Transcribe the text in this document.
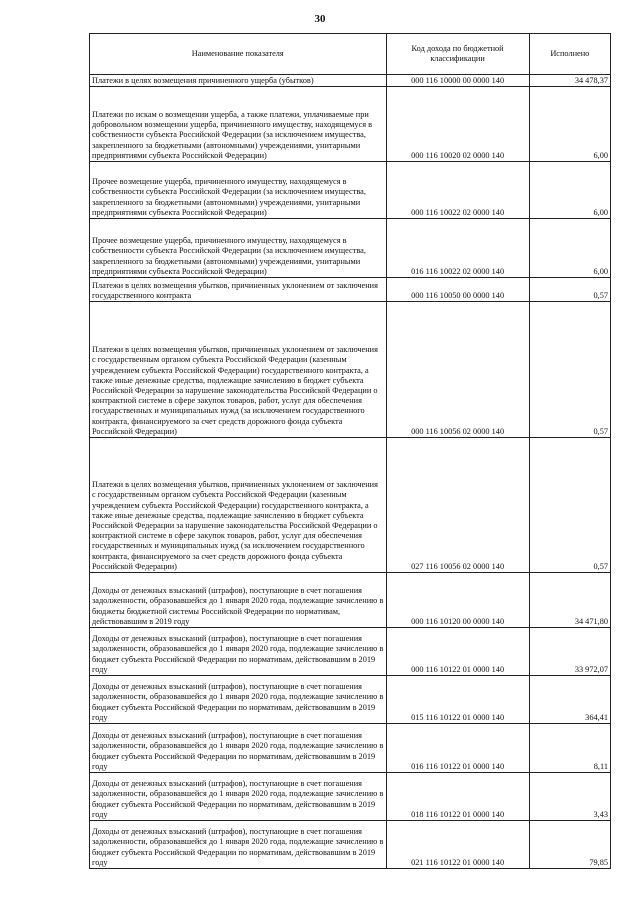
30
Наименование показателя	Код дохода по бюджетной классификации	Исполнено
Платежи в целях возмещения причиненного ущерба (убытков)	000 116 10000 00 0000 140	34 478,37
Платежи по искам о возмещении ущерба, а также платежи, уплачиваемые при добровольном возмещении ущерба, причиненного имуществу, находящемуся в собственности субъекта Российской Федерации (за исключением имущества, закрепленного за бюджетными (автономными) учреждениями, унитарными предприятиями субъекта Российской Федерации)	000 116 10020 02 0000 140	6,00
Прочее возмещение ущерба, причиненного имуществу, находящемуся в собственности субъекта Российской Федерации (за исключением имущества, закрепленного за бюджетными (автономными) учреждениями, унитарными предприятиями субъекта Российской Федерации)	000 116 10022 02 0000 140	6,00
Прочее возмещение ущерба, причиненного имуществу, находящемуся в собственности субъекта Российской Федерации (за исключением имущества, закрепленного за бюджетными (автономными) учреждениями, унитарными предприятиями субъекта Российской Федерации)	016 116 10022 02 0000 140	6,00
Платежи в целях возмещения убытков, причиненных уклонением от заключения государственного контракта	000 116 10050 00 0000 140	0,57
Платежи в целях возмещения убытков, причиненных уклонением от заключения с государственным органом субъекта Российской Федерации (казенным учреждением субъекта Российской Федерации) государственного контракта, а также иные денежные средства, подлежащие зачислению в бюджет субъекта Российской Федерации за нарушение законодательства Российской Федерации о контрактной системе в сфере закупок товаров, работ, услуг для обеспечения государственных и муниципальных нужд (за исключением государственного контракта, финансируемого за счет средств дорожного фонда субъекта Российской Федерации)	000 116 10056 02 0000 140	0,57
Платежи в целях возмещения убытков, причиненных уклонением от заключения с государственным органом субъекта Российской Федерации (казенным учреждением субъекта Российской Федерации) государственного контракта, а также иные денежные средства, подлежащие зачислению в бюджет субъекта Российской Федерации за нарушение законодательства Российской Федерации о контрактной системе в сфере закупок товаров, работ, услуг для обеспечения государственных и муниципальных нужд (за исключением государственного контракта, финансируемого за счет средств дорожного фонда субъекта Российской Федерации)	027 116 10056 02 0000 140	0,57
Доходы от денежных взысканий (штрафов), поступающие в счет погашения задолженности, образовавшейся до 1 января 2020 года, подлежащие зачислению в бюджеты бюджетной системы Российской Федерации по нормативам, действовавшим в 2019 году	000 116 10120 00 0000 140	34 471,80
Доходы от денежных взысканий (штрафов), поступающие в счет погашения задолженности, образовавшейся до 1 января 2020 года, подлежащие зачислению в бюджет субъекта Российской Федерации по нормативам, действовавшим в 2019 году	000 116 10122 01 0000 140	33 972,07
Доходы от денежных взысканий (штрафов), поступающие в счет погашения задолженности, образовавшейся до 1 января 2020 года, подлежащие зачислению в бюджет субъекта Российской Федерации по нормативам, действовавшим в 2019 году	015 116 10122 01 0000 140	364,41
Доходы от денежных взысканий (штрафов), поступающие в счет погашения задолженности, образовавшейся до 1 января 2020 года, подлежащие зачислению в бюджет субъекта Российской Федерации по нормативам, действовавшим в 2019 году	016 116 10122 01 0000 140	8,11
Доходы от денежных взысканий (штрафов), поступающие в счет погашения задолженности, образовавшейся до 1 января 2020 года, подлежащие зачислению в бюджет субъекта Российской Федерации по нормативам, действовавшим в 2019 году	018 116 10122 01 0000 140	3,43
Доходы от денежных взысканий (штрафов), поступающие в счет погашения задолженности, образовавшейся до 1 января 2020 года, подлежащие зачислению в бюджет субъекта Российской Федерации по нормативам, действовавшим в 2019 году	021 116 10122 01 0000 140	79,85
